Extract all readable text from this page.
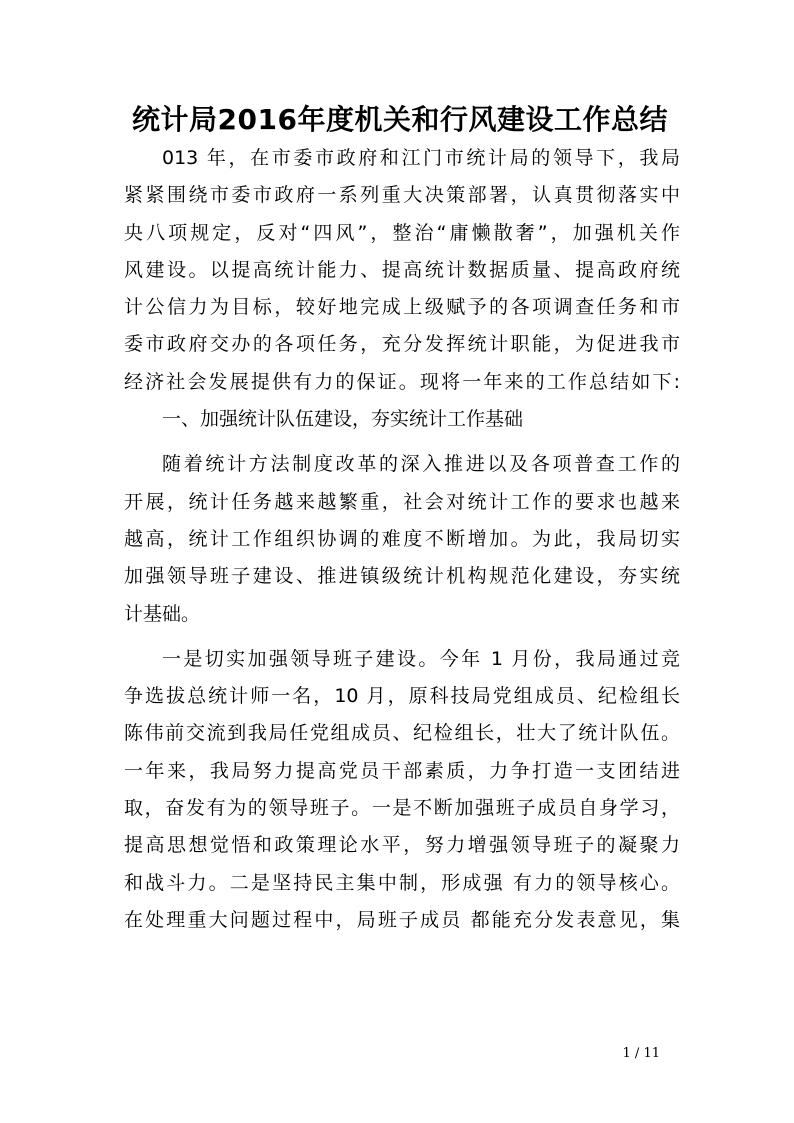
统计局2016年度机关和行风建设工作总结
013 年，在市委市政府和江门市统计局的领导下，我局
紧紧围绕市委市政府一系列重大决策部署，认真贯彻落实中
央八项规定，反对“四风”，整治“庸懒散奢”，加强机关作
风建设。以提高统计能力、提高统计数据质量、提高政府统
计公信力为目标，较好地完成上级赋予的各项调查任务和市
委市政府交办的各项任务，充分发挥统计职能，为促进我市
经济社会发展提供有力的保证。现将一年来的工作总结如下:
一、加强统计队伍建设，夯实统计工作基础
随着统计方法制度改革的深入推进以及各项普查工作的
开展，统计任务越来越繁重，社会对统计工作的要求也越来
越高，统计工作组织协调的难度不断增加。为此，我局切实
加强领导班子建设、推进镇级统计机构规范化建设，夯实统
计基础。
一是切实加强领导班子建设。今年 1 月份，我局通过竞
争选拔总统计师一名，10 月，原科技局党组成员、纪检组长
陈伟前交流到我局任党组成员、纪检组长，壮大了统计队伍。
一年来，我局努力提高党员干部素质，力争打造一支团结进
取，奋发有为的领导班子。一是不断加强班子成员自身学习，
提高思想觉悟和政策理论水平，努力增强领导班子的凝聚力
和战斗力。二是坚持民主集中制，形成强 有力的领导核心。
在处理重大问题过程中，局班子成员 都能充分发表意见，集
1 / 11
